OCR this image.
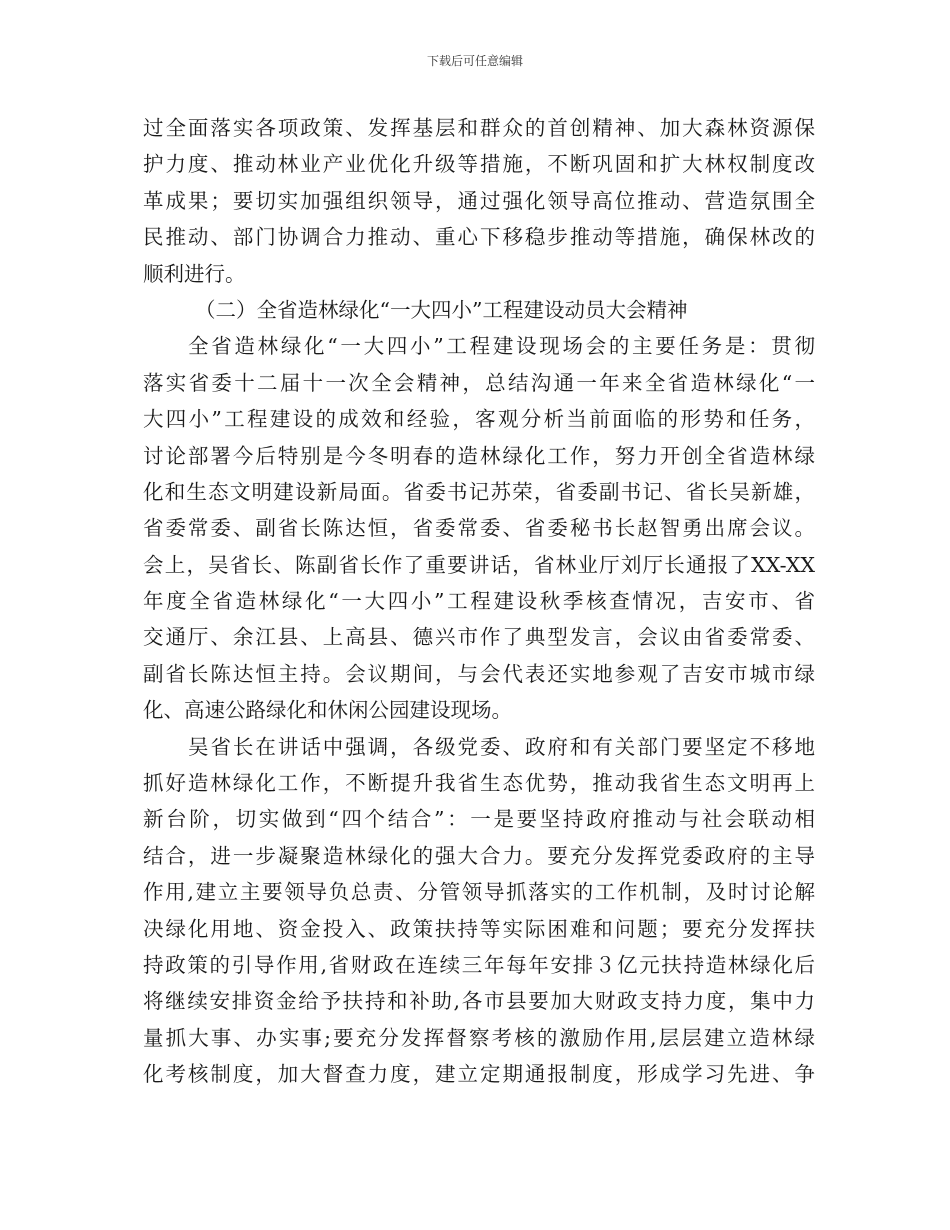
下载后可任意编辑
过全面落实各项政策、发挥基层和群众的首创精神、加大森林资源保
护力度、推动林业产业优化升级等措施，不断巩固和扩大林权制度改
革成果；要切实加强组织领导，通过强化领导高位推动、营造氛围全
民推动、部门协调合力推动、重心下移稳步推动等措施，确保林改的
顺利进行。
（二）全省造林绿化“一大四小”工程建设动员大会精神
全省造林绿化“一大四小”工程建设现场会的主要任务是：贯彻
落实省委十二届十一次全会精神，总结沟通一年来全省造林绿化“一
大四小”工程建设的成效和经验，客观分析当前面临的形势和任务，
讨论部署今后特别是今冬明春的造林绿化工作，努力开创全省造林绿
化和生态文明建设新局面。省委书记苏荣，省委副书记、省长吴新雄，
省委常委、副省长陈达恒，省委常委、省委秘书长赵智勇出席会议。
会上，吴省长、陈副省长作了重要讲话，省林业厅刘厅长通报了XX-XX
年度全省造林绿化“一大四小”工程建设秋季核查情况，吉安市、省
交通厅、余江县、上高县、德兴市作了典型发言，会议由省委常委、
副省长陈达恒主持。会议期间，与会代表还实地参观了吉安市城市绿
化、高速公路绿化和休闲公园建设现场。
吴省长在讲话中强调，各级党委、政府和有关部门要坚定不移地
抓好造林绿化工作，不断提升我省生态优势，推动我省生态文明再上
新台阶，切实做到“四个结合”：一是要坚持政府推动与社会联动相
结合，进一步凝聚造林绿化的强大合力。要充分发挥党委政府的主导
作用,建立主要领导负总责、分管领导抓落实的工作机制，及时讨论解
决绿化用地、资金投入、政策扶持等实际困难和问题；要充分发挥扶
持政策的引导作用,省财政在连续三年每年安排３亿元扶持造林绿化后
将继续安排资金给予扶持和补助,各市县要加大财政支持力度，集中力
量抓大事、办实事;要充分发挥督察考核的激励作用,层层建立造林绿
化考核制度，加大督查力度，建立定期通报制度，形成学习先进、争
